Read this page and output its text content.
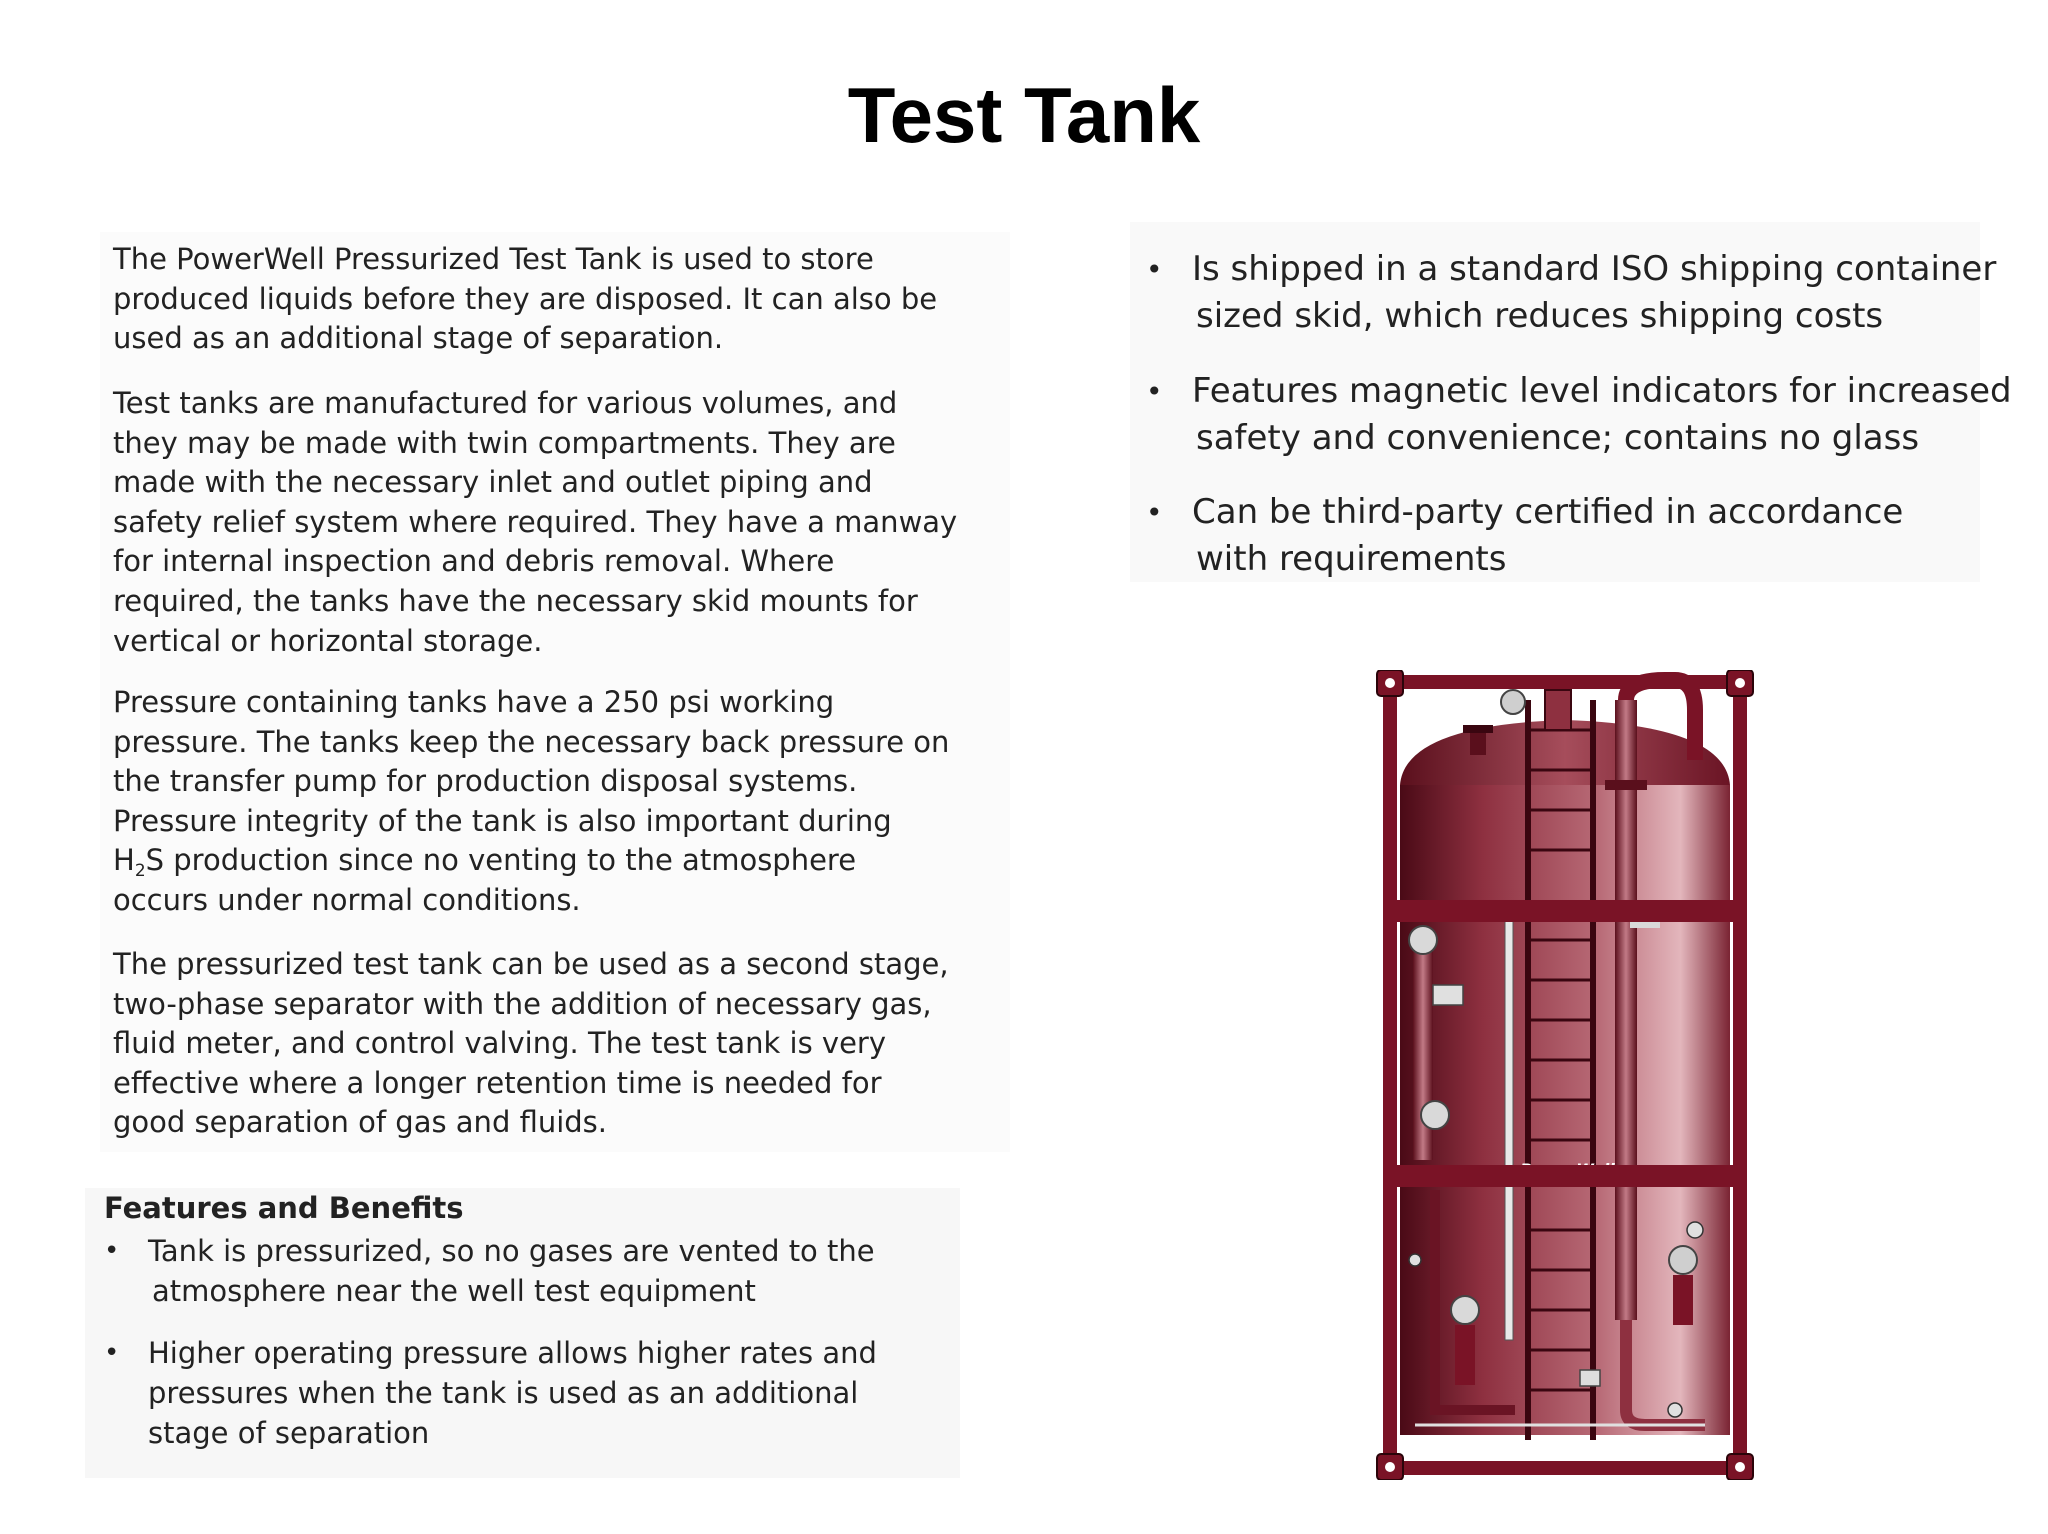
Test Tank
The PowerWell Pressurized Test Tank is used to store
produced liquids before they are disposed. It can also be
used as an additional stage of separation.
Test tanks are manufactured for various volumes, and
they may be made with twin compartments. They are
made with the necessary inlet and outlet piping and
safety relief system where required. They have a manway
for internal inspection and debris removal. Where
required, the tanks have the necessary skid mounts for
vertical or horizontal storage.
Pressure containing tanks have a 250 psi working
pressure. The tanks keep the necessary back pressure on
the transfer pump for production disposal systems.
Pressure integrity of the tank is also important during
$H_2S$ production since no venting to the atmosphere
occurs under normal conditions.
The pressurized test tank can be used as a second stage,
two-phase separator with the addition of necessary gas,
fluid meter, and control valving. The test tank is very
effective where a longer retention time is needed for
good separation of gas and fluids.
Features and Benefits
• Tank is pressurized, so no gases are vented to the
atmosphere near the well test equipment
• Higher operating pressure allows higher rates and
pressures when the tank is used as an additional
stage of separation
• Is shipped in a standard ISO shipping container
sized skid, which reduces shipping costs
• Features magnetic level indicators for increased
safety and convenience; contains no glass
• Can be third-party certified in accordance
with requirements
